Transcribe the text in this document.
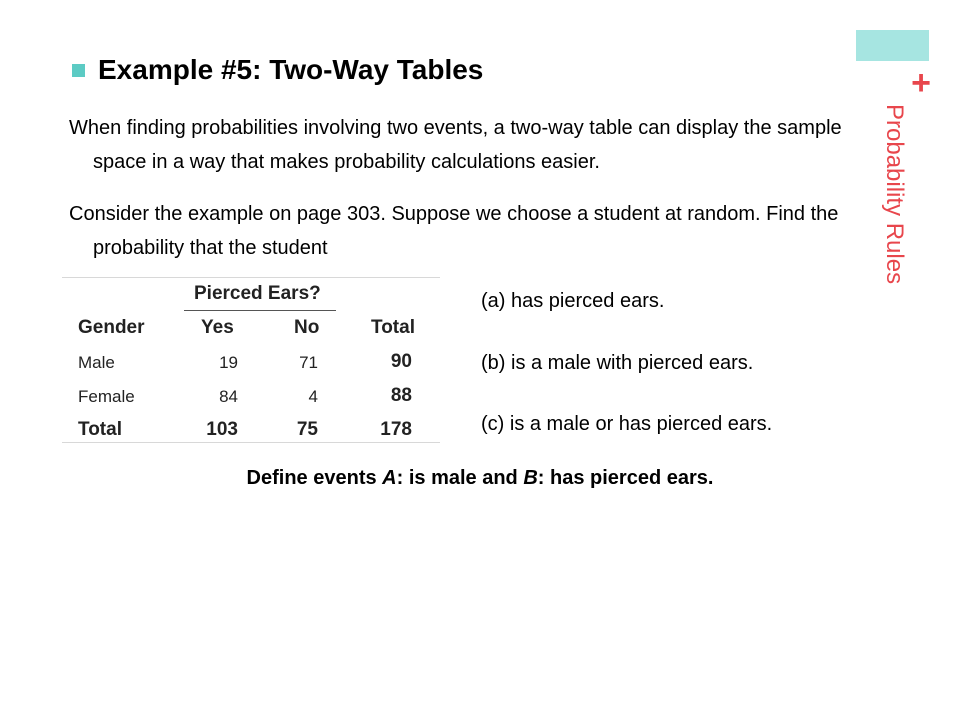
+
Probability Rules
Example #5: Two-Way Tables

When finding probabilities involving two events, a two-way table can display the sample space in a way that makes probability calculations easier.

Consider the example on page 303. Suppose we choose a student at random. Find the probability that the student

Pierced Ears?
Gender	Yes	No	Total
Male	19	71	90
Female	84	4	88
Total	103	75	178
(a) has pierced ears.
(b) is a male with pierced ears.
(c) is a male or has pierced ears.
Define events A: is male and B: has pierced ears.
